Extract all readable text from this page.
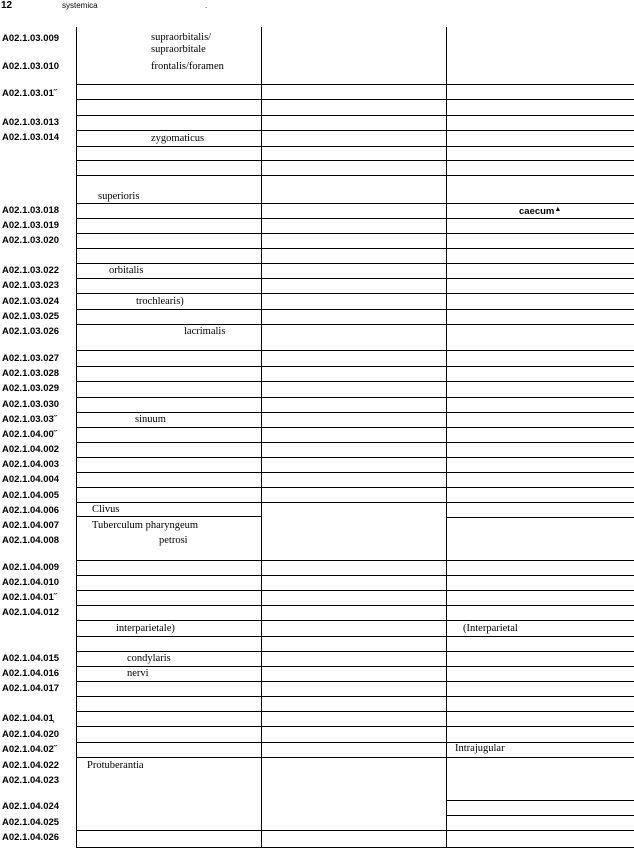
12	systemica	.
A02.1.03.009
A02.1.03.010
A02.1.03.01˝
A02.1.03.013
A02.1.03.014
A02.1.03.018
A02.1.03.019
A02.1.03.020
A02.1.03.022
A02.1.03.023
A02.1.03.024
A02.1.03.025
A02.1.03.026
A02.1.03.027
A02.1.03.028
A02.1.03.029
A02.1.03.030
A02.1.03.03˝
A02.1.04.00˝
A02.1.04.002
A02.1.04.003
A02.1.04.004
A02.1.04.005
A02.1.04.006
A02.1.04.007
A02.1.04.008
A02.1.04.009
A02.1.04.010
A02.1.04.01˝
A02.1.04.012
A02.1.04.015
A02.1.04.016
A02.1.04.017
A02.1.04.01̹
A02.1.04.020
A02.1.04.02˝
A02.1.04.022
A02.1.04.023
A02.1.04.024
A02.1.04.025
A02.1.04.026
supraorbitalis/
supraorbitale
frontalis/foramen
zygomaticus
superioris
orbitalis
trochlearis)
lacrimalis
sinuum
Clivus
Tuberculum pharyngeum
petrosi
interparietale)
condylaris
nervi
Protuberantia
caecum▲
(Interparietal
Intrajugular
